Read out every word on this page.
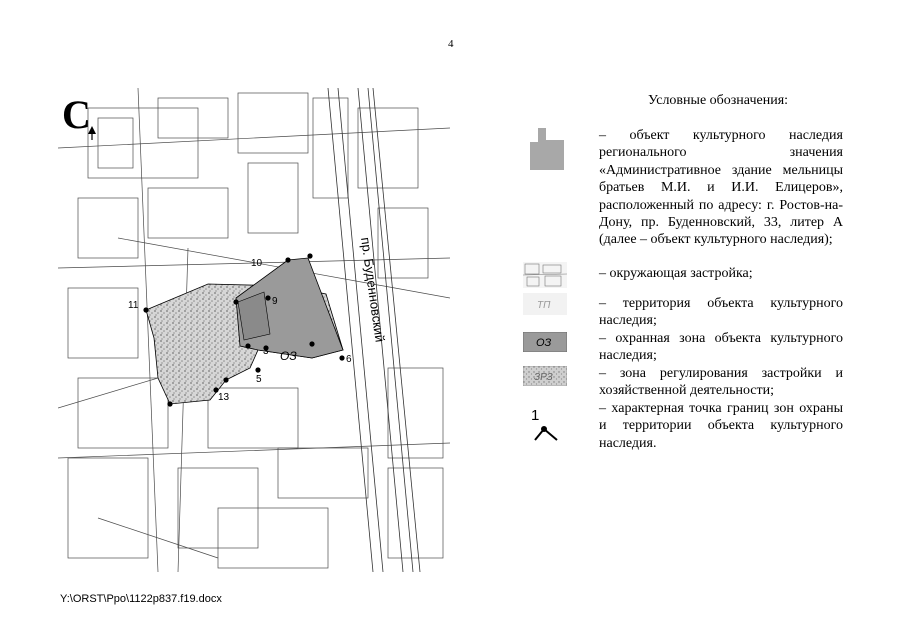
4
С
пр. Буденновский
ОЗ
10
11	9
3
5
13
6
Y:\ORST\Ppo\1122p837.f19.docx
Условные обозначения:
– объект культурного наследия регионального значения «Административное здание мельницы братьев М.И. и И.И. Елицеров», расположенный по адресу: г. Ростов-на-Дону, пр. Буденновский, 33, литер А (далее – объект культурного наследия);
– окружающая застройка;
ТП	– территория объекта культурного наследия;
ОЗ	– охранная зона объекта культурного наследия;
ЗРЗ	– зона регулирования застройки и хозяйственной деятельности;
1	– характерная точка границ зон охраны и территории объекта культурного наследия.
